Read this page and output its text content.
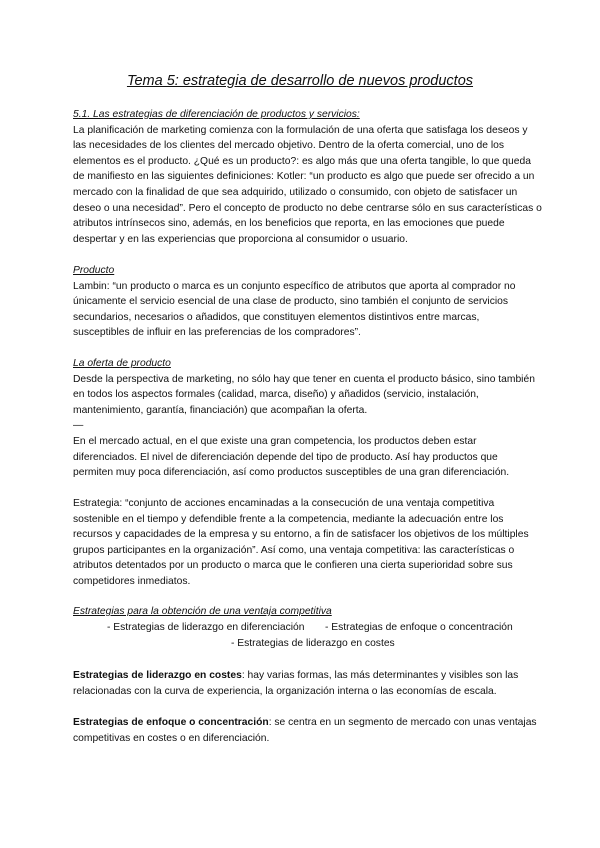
Tema 5: estrategia de desarrollo de nuevos productos

5.1. Las estrategias de diferenciación de productos y servicios:

La planificación de marketing comienza con la formulación de una oferta que satisfaga los deseos y

las necesidades de los clientes del mercado objetivo. Dentro de la oferta comercial, uno de los

elementos es el producto. ¿Qué es un producto?: es algo más que una oferta tangible, lo que queda

de manifiesto en las siguientes definiciones: Kotler: “un producto es algo que puede ser ofrecido a un

mercado con la finalidad de que sea adquirido, utilizado o consumido, con objeto de satisfacer un

deseo o una necesidad”. Pero el concepto de producto no debe centrarse sólo en sus características o

atributos intrínsecos sino, además, en los beneficios que reporta, en las emociones que puede

despertar y en las experiencias que proporciona al consumidor o usuario.

Producto

Lambin: “un producto o marca es un conjunto específico de atributos que aporta al comprador no

únicamente el servicio esencial de una clase de producto, sino también el conjunto de servicios

secundarios, necesarios o añadidos, que constituyen elementos distintivos entre marcas,

susceptibles de influir en las preferencias de los compradores”.

La oferta de producto

Desde la perspectiva de marketing, no sólo hay que tener en cuenta el producto básico, sino también

en todos los aspectos formales (calidad, marca, diseño) y añadidos (servicio, instalación,

mantenimiento, garantía, financiación) que acompañan la oferta.

—

En el mercado actual, en el que existe una gran competencia, los productos deben estar

diferenciados. El nivel de diferenciación depende del tipo de producto. Así hay productos que

permiten muy poca diferenciación, así como productos susceptibles de una gran diferenciación.

Estrategia: “conjunto de acciones encaminadas a la consecución de una ventaja competitiva

sostenible en el tiempo y defendible frente a la competencia, mediante la adecuación entre los

recursos y capacidades de la empresa y su entorno, a fin de satisfacer los objetivos de los múltiples

grupos participantes en la organización”. Así como, una ventaja competitiva: las características o

atributos detentados por un producto o marca que le confieren una cierta superioridad sobre sus

competidores inmediatos.

Estrategias para la obtención de una ventaja competitiva

- Estrategias de liderazgo en diferenciación - Estrategias de enfoque o concentración
- Estrategias de liderazgo en costes

Estrategias de liderazgo en costes: hay varias formas, las más determinantes y visibles son las

relacionadas con la curva de experiencia, la organización interna o las economías de escala.

Estrategias de enfoque o concentración: se centra en un segmento de mercado con unas ventajas

competitivas en costes o en diferenciación.
